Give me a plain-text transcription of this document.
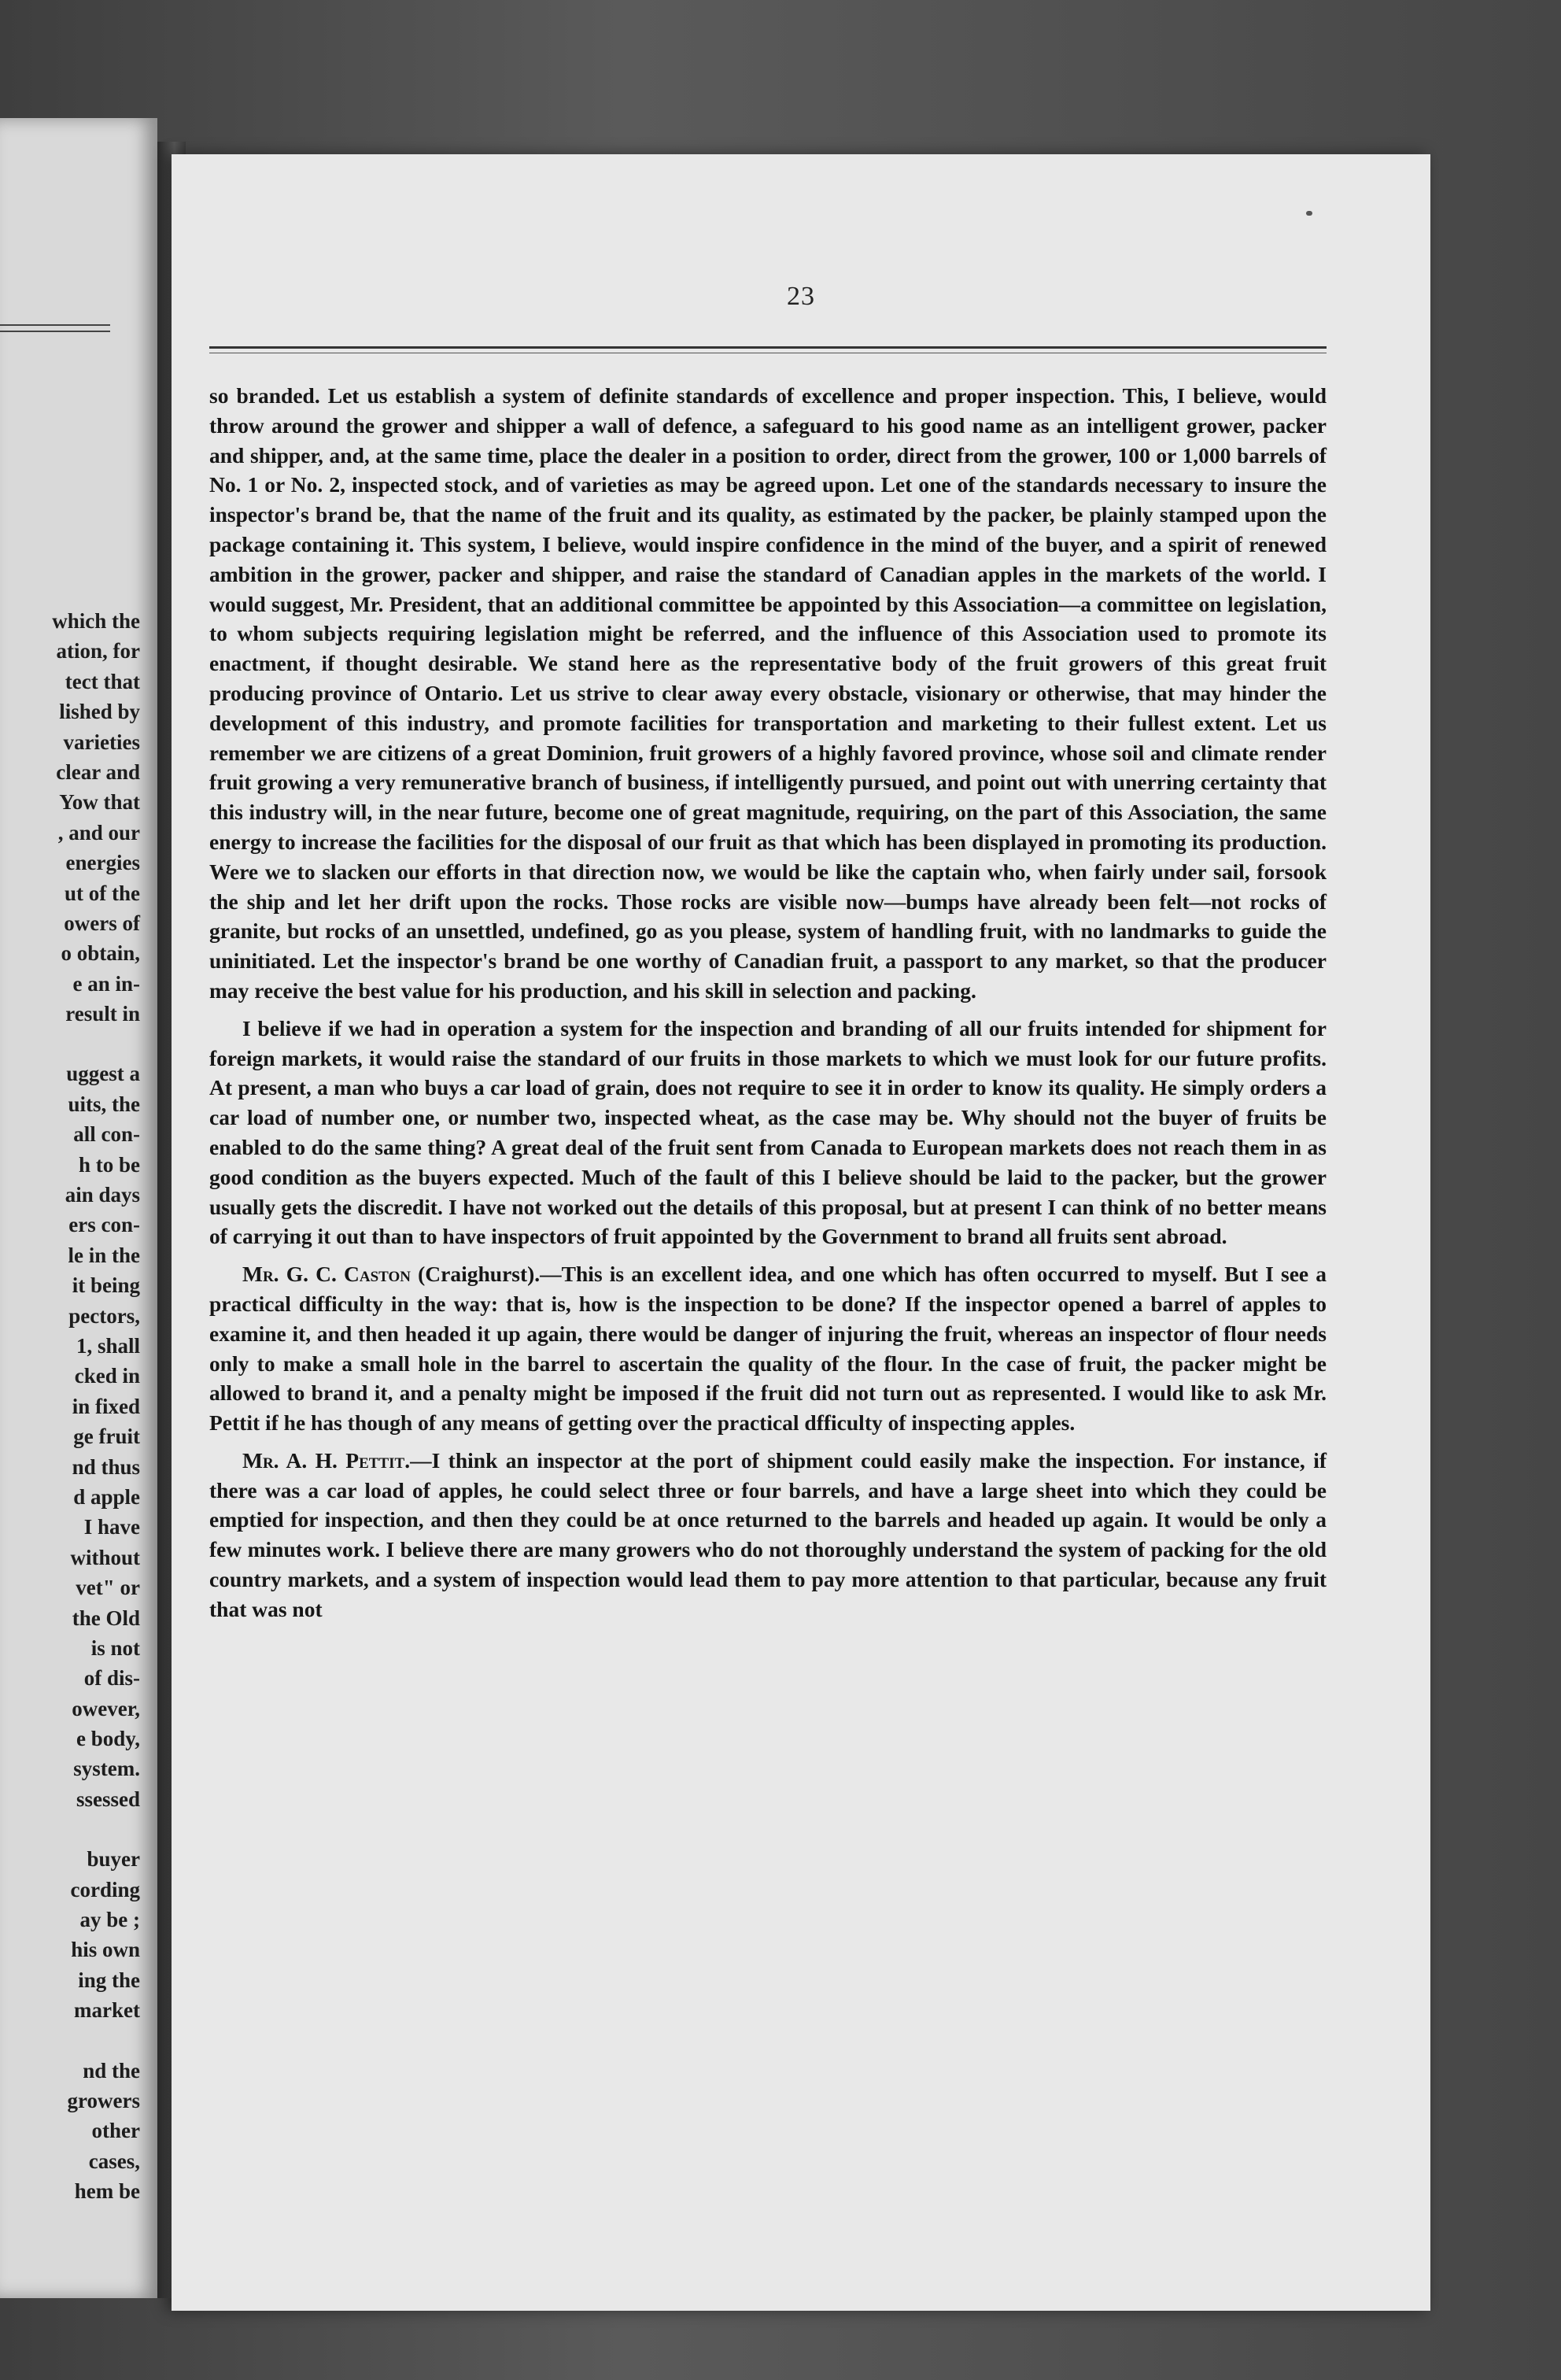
which the
ation, for
tect that
lished by
varieties
clear and
Yow that
, and our
energies
ut of the
owers of
o obtain,
e an in-
result in
uggest a
uits, the
all con-
h to be
ain days
ers con-
le in the
it being
pectors,
1, shall
cked in
in fixed
ge fruit
nd thus
d apple
I have
without
vet" or
the Old
is not
of dis-
owever,
e body,
system.
ssessed
buyer
cording
ay be ;
his own
ing the
market
nd the
growers
other
cases,
hem be
23

so branded. Let us establish a system of definite standards of excellence and proper inspection. This, I believe, would throw around the grower and shipper a wall of defence, a safeguard to his good name as an intelligent grower, packer and shipper, and, at the same time, place the dealer in a position to order, direct from the grower, 100 or 1,000 barrels of No. 1 or No. 2, inspected stock, and of varieties as may be agreed upon. Let one of the standards necessary to insure the inspector's brand be, that the name of the fruit and its quality, as estimated by the packer, be plainly stamped upon the package containing it. This system, I believe, would inspire confidence in the mind of the buyer, and a spirit of renewed ambition in the grower, packer and shipper, and raise the standard of Canadian apples in the markets of the world. I would suggest, Mr. President, that an additional committee be appointed by this Association—a committee on legislation, to whom subjects requiring legislation might be referred, and the influence of this Association used to promote its enactment, if thought desirable. We stand here as the representative body of the fruit growers of this great fruit producing province of Ontario. Let us strive to clear away every obstacle, visionary or otherwise, that may hinder the development of this industry, and promote facilities for transportation and marketing to their fullest extent. Let us remember we are citizens of a great Dominion, fruit growers of a highly favored province, whose soil and climate render fruit growing a very remunerative branch of business, if intelligently pursued, and point out with unerring certainty that this industry will, in the near future, become one of great magnitude, requiring, on the part of this Association, the same energy to increase the facilities for the disposal of our fruit as that which has been displayed in promoting its production. Were we to slacken our efforts in that direction now, we would be like the captain who, when fairly under sail, forsook the ship and let her drift upon the rocks. Those rocks are visible now—bumps have already been felt—not rocks of granite, but rocks of an unsettled, undefined, go as you please, system of handling fruit, with no landmarks to guide the uninitiated. Let the inspector's brand be one worthy of Canadian fruit, a passport to any market, so that the producer may receive the best value for his production, and his skill in selection and packing.

I believe if we had in operation a system for the inspection and branding of all our fruits intended for shipment for foreign markets, it would raise the standard of our fruits in those markets to which we must look for our future profits. At present, a man who buys a car load of grain, does not require to see it in order to know its quality. He simply orders a car load of number one, or number two, inspected wheat, as the case may be. Why should not the buyer of fruits be enabled to do the same thing? A great deal of the fruit sent from Canada to European markets does not reach them in as good condition as the buyers expected. Much of the fault of this I believe should be laid to the packer, but the grower usually gets the discredit. I have not worked out the details of this proposal, but at present I can think of no better means of carrying it out than to have inspectors of fruit appointed by the Government to brand all fruits sent abroad.

Mr. G. C. Caston (Craighurst).—This is an excellent idea, and one which has often occurred to myself. But I see a practical difficulty in the way: that is, how is the inspection to be done? If the inspector opened a barrel of apples to examine it, and then headed it up again, there would be danger of injuring the fruit, whereas an inspector of flour needs only to make a small hole in the barrel to ascertain the quality of the flour. In the case of fruit, the packer might be allowed to brand it, and a penalty might be imposed if the fruit did not turn out as represented. I would like to ask Mr. Pettit if he has though of any means of getting over the practical dfficulty of inspecting apples.

Mr. A. H. Pettit.—I think an inspector at the port of shipment could easily make the inspection. For instance, if there was a car load of apples, he could select three or four barrels, and have a large sheet into which they could be emptied for inspection, and then they could be at once returned to the barrels and headed up again. It would be only a few minutes work. I believe there are many growers who do not thoroughly understand the system of packing for the old country markets, and a system of inspection would lead them to pay more attention to that particular, because any fruit that was not
